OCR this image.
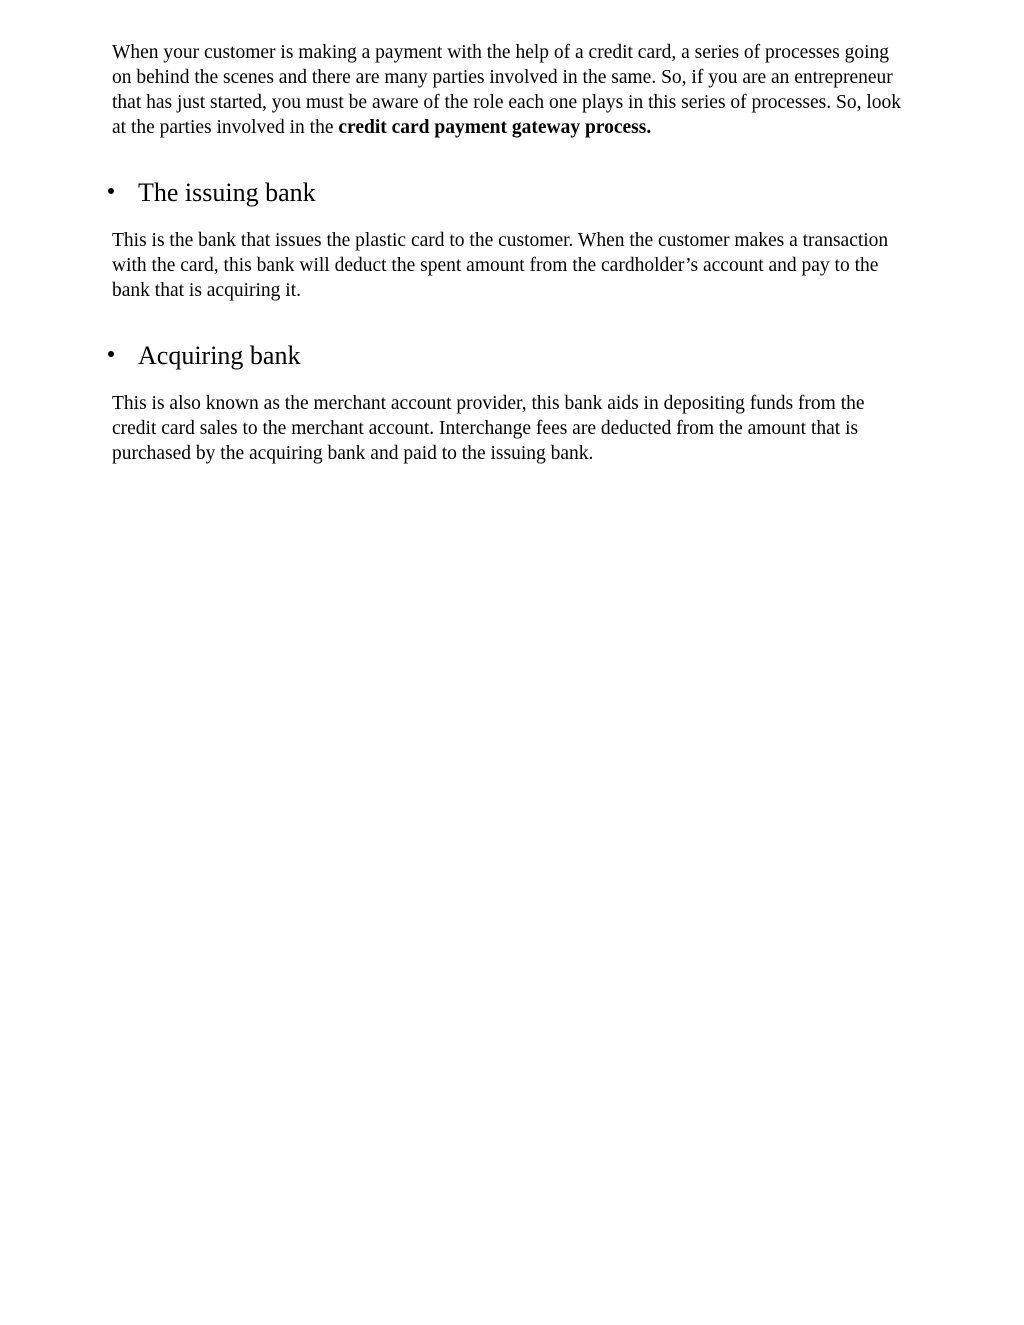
When your customer is making a payment with the help of a credit card, a series of processes going on behind the scenes and there are many parties involved in the same. So, if you are an entrepreneur that has just started, you must be aware of the role each one plays in this series of processes. So, look at the parties involved in the credit card payment gateway process.

The issuing bank

This is the bank that issues the plastic card to the customer. When the customer makes a transaction with the card, this bank will deduct the spent amount from the cardholder’s account and pay to the bank that is acquiring it.

Acquiring bank

This is also known as the merchant account provider, this bank aids in depositing funds from the credit card sales to the merchant account. Interchange fees are deducted from the amount that is purchased by the acquiring bank and paid to the issuing bank.
